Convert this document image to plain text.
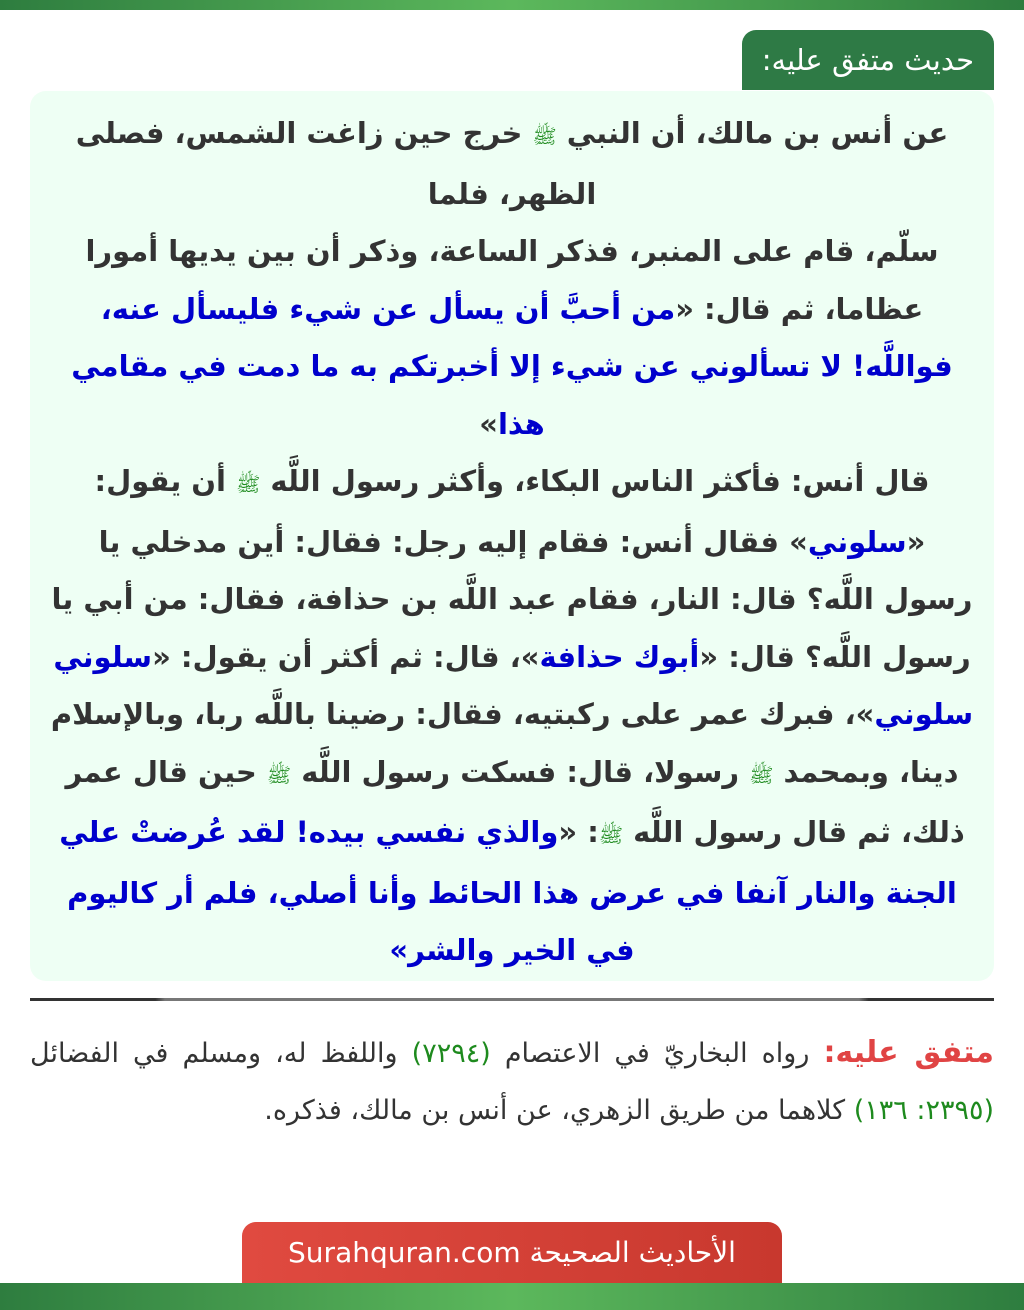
حديث متفق عليه:
عن أنس بن مالك، أن النبي ﷺ خرج حين زاغت الشمس، فصلى الظهر، فلما
سلّم، قام على المنبر، فذكر الساعة، وذكر أن بين يديها أمورا عظاما، ثم قال: «من أحبَّ أن يسأل عن شيء فليسأل عنه، فواللَّه! لا تسألوني عن شيء إلا أخبرتكم به ما دمت في مقامي هذا»
قال أنس: فأكثر الناس البكاء، وأكثر رسول اللَّه ﷺ أن يقول: «سلوني» فقال أنس: فقام إليه رجل: فقال: أين مدخلي يا رسول اللَّه؟ قال: النار، فقام عبد اللَّه بن حذافة، فقال: من أبي يا رسول اللَّه؟ قال: «أبوك حذافة»، قال: ثم أكثر أن يقول: «سلوني سلوني»، فبرك عمر على ركبتيه، فقال: رضينا باللَّه ربا، وبالإسلام دينا، وبمحمد ﷺ رسولا، قال: فسكت رسول اللَّه ﷺ حين قال عمر ذلك، ثم قال رسول اللَّه ﷺ: «والذي نفسي بيده! لقد عُرضتْ علي الجنة والنار آنفا في عرض هذا الحائط وأنا أصلي، فلم أر كاليوم في الخير والشر»
متفق عليه: رواه البخاريّ في الاعتصام (٧٢٩٤) واللفظ له، ومسلم في الفضائل (٢٣٩٥: ١٣٦) كلاهما من طريق الزهري، عن أنس بن مالك، فذكره.
الأحاديث الصحيحة Surahquran.com
